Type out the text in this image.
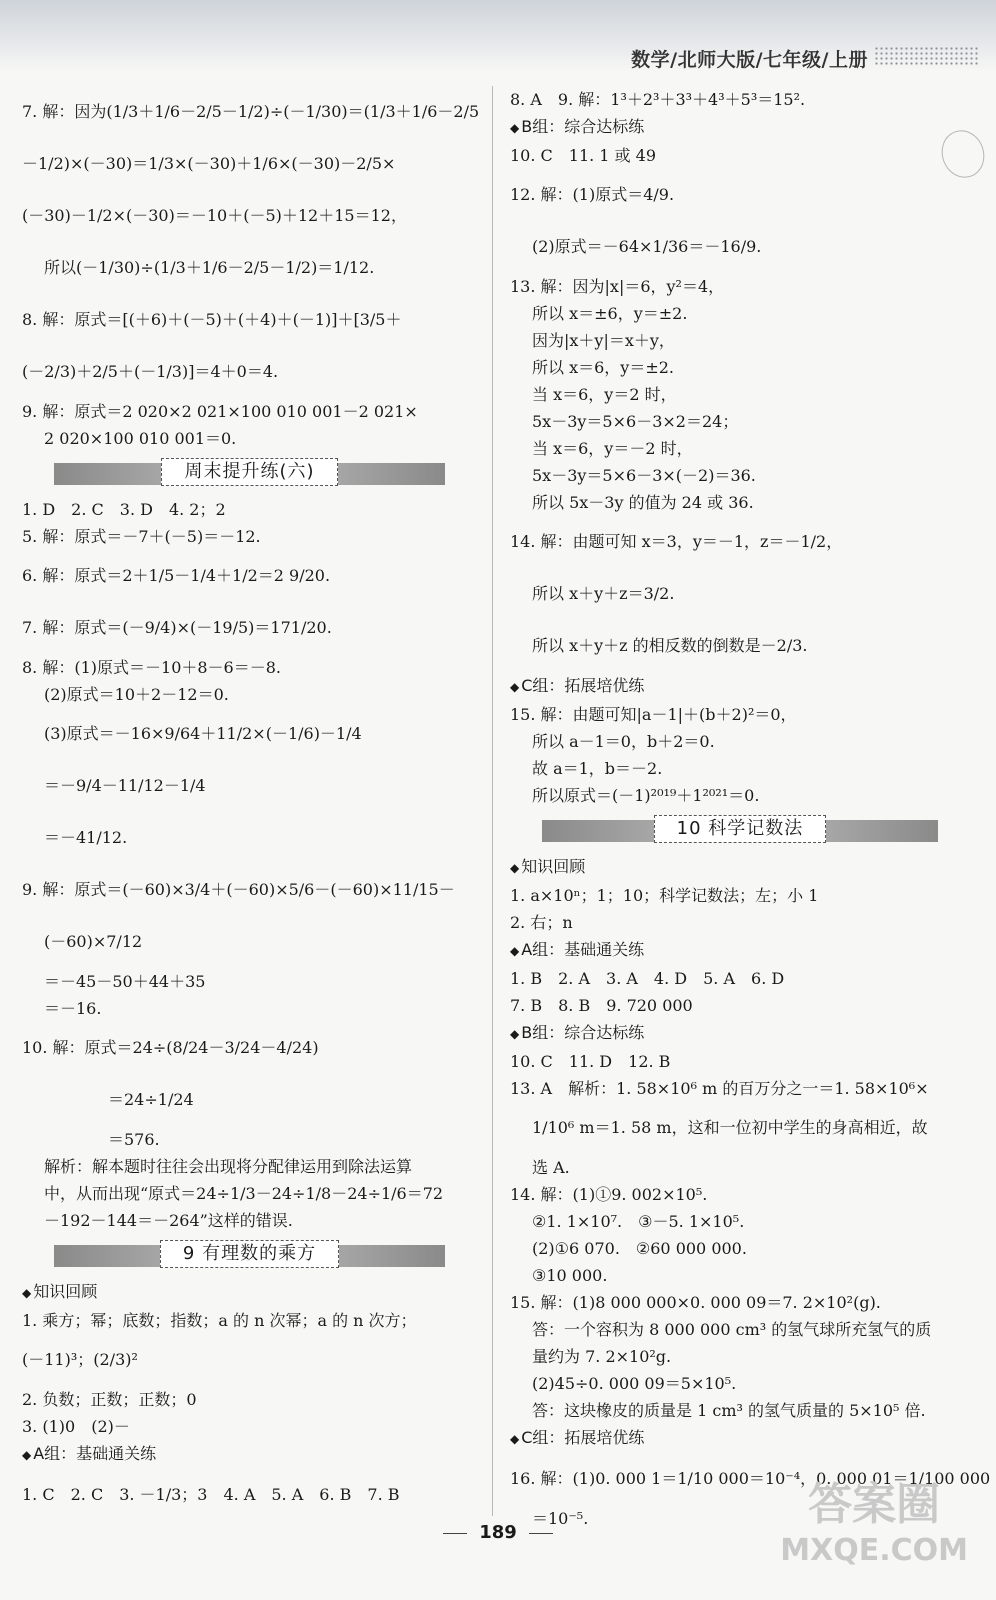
数学/北师大版/七年级/上册
7. 解：因为(1/3＋1/6－2/5－1/2)÷(－1/30)＝(1/3＋1/6－2/5
－1/2)×(－30)＝1/3×(－30)＋1/6×(－30)－2/5×
(－30)－1/2×(－30)＝－10＋(－5)＋12＋15＝12，
所以(－1/30)÷(1/3＋1/6－2/5－1/2)＝1/12.
8. 解：原式＝[(＋6)＋(－5)＋(＋4)＋(－1)]＋[3/5＋
(－2/3)＋2/5＋(－1/3)]＝4＋0＝4.
9. 解：原式＝2 020×2 021×100 010 001－2 021×
2 020×100 010 001＝0.
周末提升练(六)
1. D　2. C　3. D　4. 2；2
5. 解：原式＝－7＋(－5)＝－12.
6. 解：原式＝2＋1/5－1/4＋1/2＝2 9/20.
7. 解：原式＝(－9/4)×(－19/5)＝171/20.
8. 解：(1)原式＝－10＋8－6＝－8.
(2)原式＝10＋2－12＝0.
(3)原式＝－16×9/64＋11/2×(－1/6)－1/4
＝－9/4－11/12－1/4
＝－41/12.
9. 解：原式＝(－60)×3/4＋(－60)×5/6－(－60)×11/15－
(－60)×7/12
＝－45－50＋44＋35
＝－16.
10. 解：原式＝24÷(8/24－3/24－4/24)
＝24÷1/24
＝576.
解析：解本题时往往会出现将分配律运用到除法运算
中，从而出现“原式＝24÷1/3－24÷1/8－24÷1/6＝72
－192－144＝－264”这样的错误.
9 有理数的乘方
◆ 知识回顾
1. 乘方；幂；底数；指数；a 的 n 次幂；a 的 n 次方；
(－11)³；(2/3)²
2. 负数；正数；正数；0
3. (1)0　(2)－
◆ A组：基础通关练
1. C　2. C　3. －1/3；3　4. A　5. A　6. B　7. B
8. A　9. 解：1³＋2³＋3³＋4³＋5³＝15².
◆ B组：综合达标练
10. C　11. 1 或 49
12. 解：(1)原式＝4/9.
(2)原式＝－64×1/36＝－16/9.
13. 解：因为|x|＝6，y²＝4，
所以 x＝±6，y＝±2.
因为|x＋y|＝x＋y，
所以 x＝6，y＝±2.
当 x＝6，y＝2 时，
5x－3y＝5×6－3×2＝24；
当 x＝6，y＝－2 时，
5x－3y＝5×6－3×(－2)＝36.
所以 5x－3y 的值为 24 或 36.
14. 解：由题可知 x＝3，y＝－1，z＝－1/2，
所以 x＋y＋z＝3/2.
所以 x＋y＋z 的相反数的倒数是－2/3.
◆ C组：拓展培优练
15. 解：由题可知|a－1|＋(b＋2)²＝0，
所以 a－1＝0，b＋2＝0.
故 a＝1，b＝－2.
所以原式＝(－1)²⁰¹⁹＋1²⁰²¹＝0.
10 科学记数法
◆ 知识回顾
1. a×10ⁿ；1；10；科学记数法；左；小 1
2. 右；n
◆ A组：基础通关练
1. B　2. A　3. A　4. D　5. A　6. D
7. B　8. B　9. 720 000
◆ B组：综合达标练
10. C　11. D　12. B
13. A　解析：1. 58×10⁶ m 的百万分之一＝1. 58×10⁶×
1/10⁶ m＝1. 58 m，这和一位初中学生的身高相近，故
选 A.
14. 解：(1)①9. 002×10⁵.
②1. 1×10⁷.　③－5. 1×10⁵.
(2)①6 070.　②60 000 000.
③10 000.
15. 解：(1)8 000 000×0. 000 09＝7. 2×10²(g).
答：一个容积为 8 000 000 cm³ 的氢气球所充氢气的质
量约为 7. 2×10²g.
(2)45÷0. 000 09＝5×10⁵.
答：这块橡皮的质量是 1 cm³ 的氢气质量的 5×10⁵ 倍.
◆ C组：拓展培优练
16. 解：(1)0. 000 1＝1/10 000＝10⁻⁴，0. 000 01＝1/100 000
＝10⁻⁵.
189
答案圈
MXQE.COM
